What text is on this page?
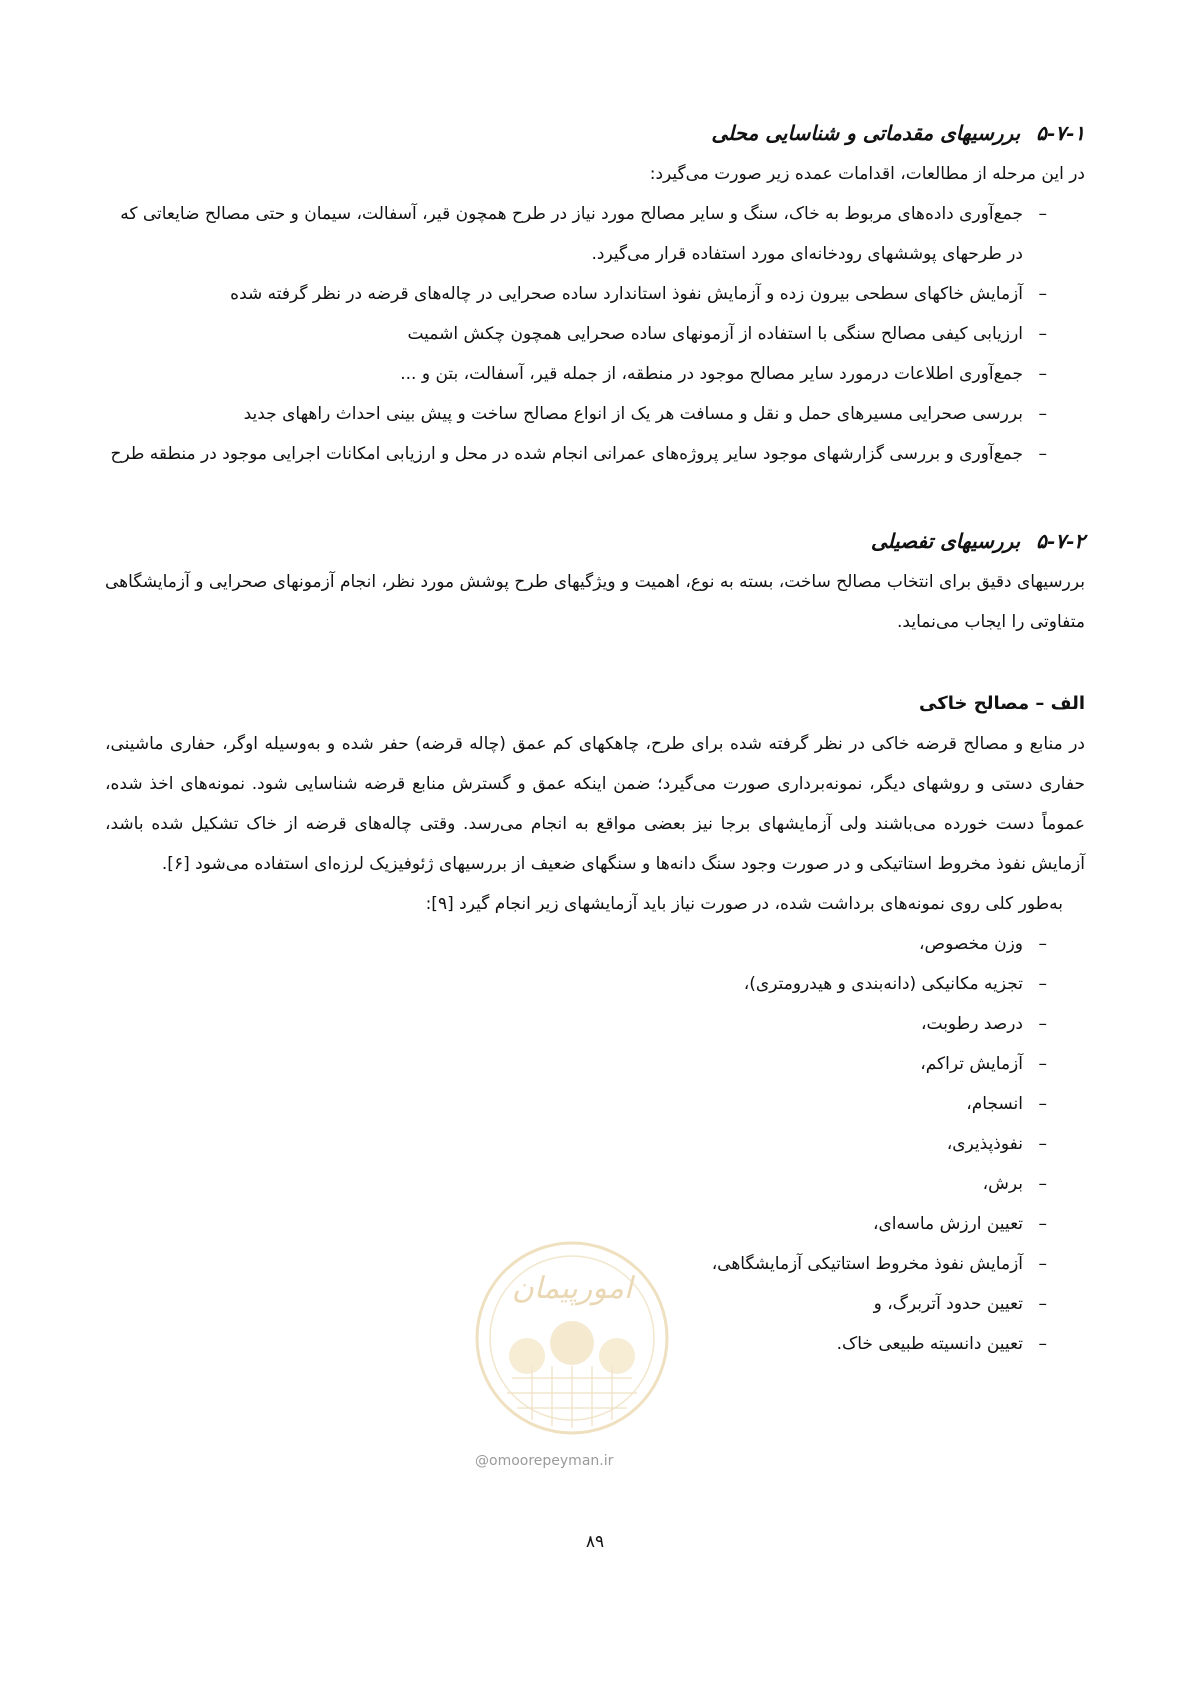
۵-۷-۱بررسیهای مقدماتی و شناسایی محلی

در این مرحله از مطالعات، اقدامات عمده زیر صورت می‌گیرد:

–
جمع‌آوری داده‌های مربوط به خاک، سنگ و سایر مصالح مورد نیاز در طرح همچون قیر، آسفالت، سیمان و حتی مصالح ضایعاتی که در طرحهای پوششهای رودخانه‌ای مورد استفاده قرار می‌گیرد.
–
آزمایش خاکهای سطحی بیرون زده و آزمایش نفوذ استاندارد ساده صحرایی در چاله‌های قرضه در نظر گرفته شده
–
ارزیابی کیفی مصالح سنگی با استفاده از آزمونهای ساده صحرایی همچون چکش اشمیت
–
جمع‌آوری اطلاعات درمورد سایر مصالح موجود در منطقه، از جمله قیر، آسفالت، بتن و ...
–
بررسی صحرایی مسیرهای حمل و نقل و مسافت هر یک از انواع مصالح ساخت و پیش بینی احداث راههای جدید
–
جمع‌آوری و بررسی گزارشهای موجود سایر پروژه‌های عمرانی انجام شده در محل و ارزیابی امکانات اجرایی موجود در منطقه طرح
۵-۷-۲بررسیهای تفصیلی

بررسیهای دقیق برای انتخاب مصالح ساخت، بسته به نوع، اهمیت و ویژگیهای طرح پوشش مورد نظر، انجام آزمونهای صحرایی و آزمایشگاهی متفاوتی را ایجاب می‌نماید.

الف – مصالح خاکی

در منابع و مصالح قرضه خاکی در نظر گرفته شده برای طرح، چاهکهای کم عمق (چاله قرضه) حفر شده و به‌وسیله اوگر، حفاری ماشینی، حفاری دستی و روشهای دیگر، نمونه‌برداری صورت می‌گیرد؛ ضمن اینکه عمق و گسترش منابع قرضه شناسایی شود. نمونه‌های اخذ شده، عموماً دست خورده می‌باشند ولی آزمایشهای برجا نیز بعضی مواقع به انجام می‌رسد. وقتی چاله‌های قرضه از خاک تشکیل شده باشد، آزمایش نفوذ مخروط استاتیکی و در صورت وجود سنگ دانه‌ها و سنگهای ضعیف از بررسیهای ژئوفیزیک لرزه‌ای استفاده می‌شود [۶].

به‌طور کلی روی نمونه‌های برداشت شده، در صورت نیاز باید آزمایشهای زیر انجام گیرد [۹]:

–
وزن مخصوص،
–
تجزیه مکانیکی (دانه‌بندی و هیدرومتری)،
–
درصد رطوبت،
–
آزمایش تراکم،
–
انسجام،
–
نفوذپذیری،
–
برش،
–
تعیین ارزش ماسه‌ای،
–
آزمایش نفوذ مخروط استاتیکی آزمایشگاهی،
–
تعیین حدود آتربرگ، و
–
تعیین دانسیته طبیعی خاک.
امورپیمان
@omoorepeyman.ir
۸۹
